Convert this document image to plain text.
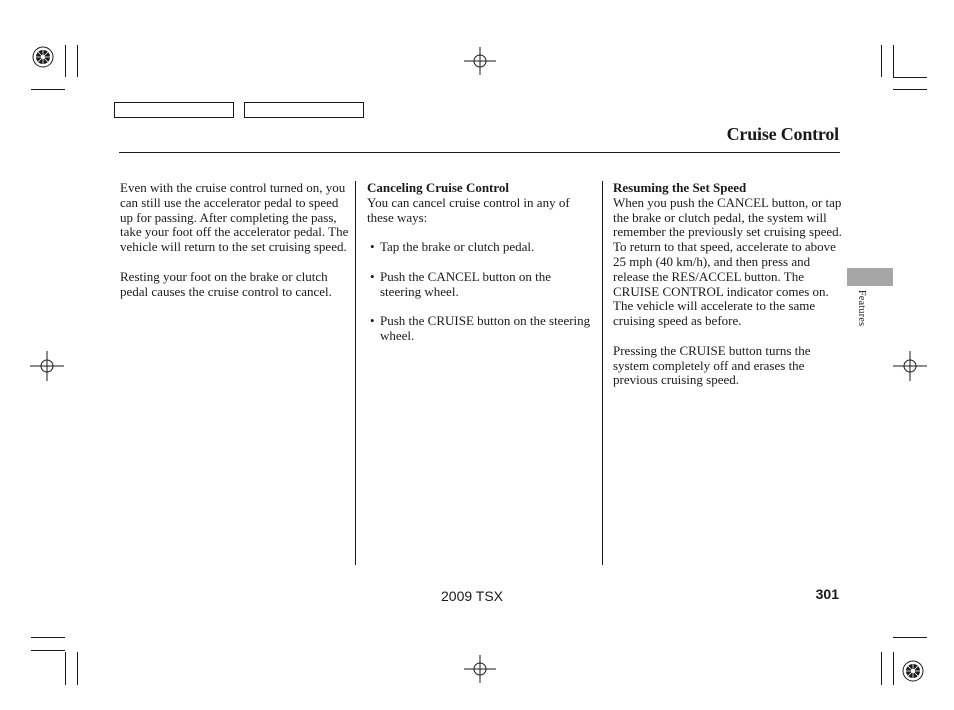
Cruise Control

Even with the cruise control turned on, you can still use the accelerator pedal to speed up for passing. After completing the pass, take your foot off the accelerator pedal. The vehicle will return to the set cruising speed.

Resting your foot on the brake or clutch pedal causes the cruise control to cancel.

Canceling Cruise Control

You can cancel cruise control in any of these ways:

• Tap the brake or clutch pedal.
• Push the CANCEL button on the steering wheel.
• Push the CRUISE button on the steering wheel.
Resuming the Set Speed

When you push the CANCEL button, or tap the brake or clutch pedal, the system will remember the previously set cruising speed. To return to that speed, accelerate to above 25 mph (40 km/h), and then press and release the RES/ACCEL button. The CRUISE CONTROL indicator comes on. The vehicle will accelerate to the same cruising speed as before.

Pressing the CRUISE button turns the system completely off and erases the previous cruising speed.

Features
2009 TSX	301
